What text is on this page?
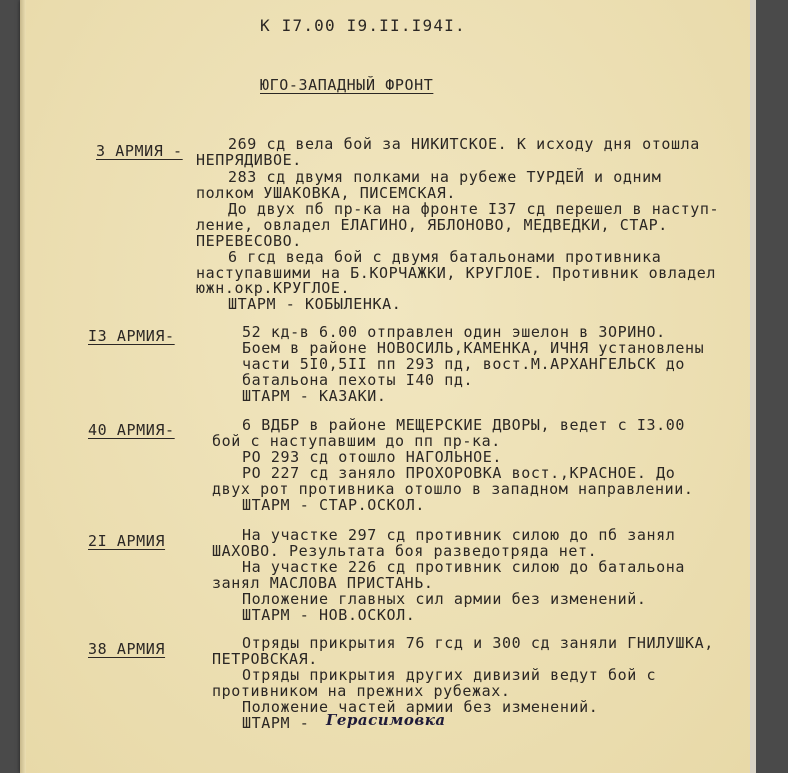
К I7.00 I9.II.I94I.
ЮГО-ЗАПАДНЫЙ ФРОНТ
3 АРМИЯ -	269 сд вела бой за НИКИТСКОЕ. К исходу дня отошла
НЕПРЯДИВОЕ.
283 сд двумя полками на рубеже ТУРДЕЙ и одним
полком УШАКОВКА, ПИСЕМСКАЯ.
До двух пб пр-ка на фронте I37 сд перешел в наступ-
ление, овладел ЕЛАГИНО, ЯБЛОНОВО, МЕДВЕДКИ, СТАР.
ПЕРЕВЕСОВО.
6 гсд веда бой с двумя батальонами противника
наступавшими на Б.КОРЧАЖКИ, КРУГЛОЕ. Противник овладел
южн.окр.КРУГЛОЕ.
ШТАРМ - КОБЫЛЕНКА.
I3 АРМИЯ-	52 кд-в 6.00 отправлен один эшелон в ЗОРИНО.
Боем в районе НОВОСИЛЬ,КАМЕНКА, ИЧНЯ установлены
части 5I0,5II пп 293 пд, вост.М.АРХАНГЕЛЬСК до
батальона пехоты I40 пд.
ШТАРМ - КАЗАКИ.
40 АРМИЯ-	6 ВДБР в районе МЕЩЕРСКИЕ ДВОРЫ, ведет с I3.00
бой с наступавшим до пп пр-ка.
РО 293 сд отошло НАГОЛЬНОЕ.
РО 227 сд заняло ПРОХОРОВКА вост.,КРАСНОЕ. До
двух рот противника отошло в западном направлении.
ШТАРМ - СТАР.ОСКОЛ.
2I АРМИЯ	На участке 297 сд противник силою до пб занял
ШАХОВО. Результата боя разведотряда нет.
На участке 226 сд противник силою до батальона
занял МАСЛОВА ПРИСТАНЬ.
Положение главных сил армии без изменений.
ШТАРМ - НОВ.ОСКОЛ.
38 АРМИЯ	Отряды прикрытия 76 гсд и 300 сд заняли ГНИЛУШКА,
ПЕТРОВСКАЯ.
Отряды прикрытия других дивизий ведут бой с
противником на прежних рубежах.
Положение частей армии без изменений.
ШТАРМ - Герасимовка
